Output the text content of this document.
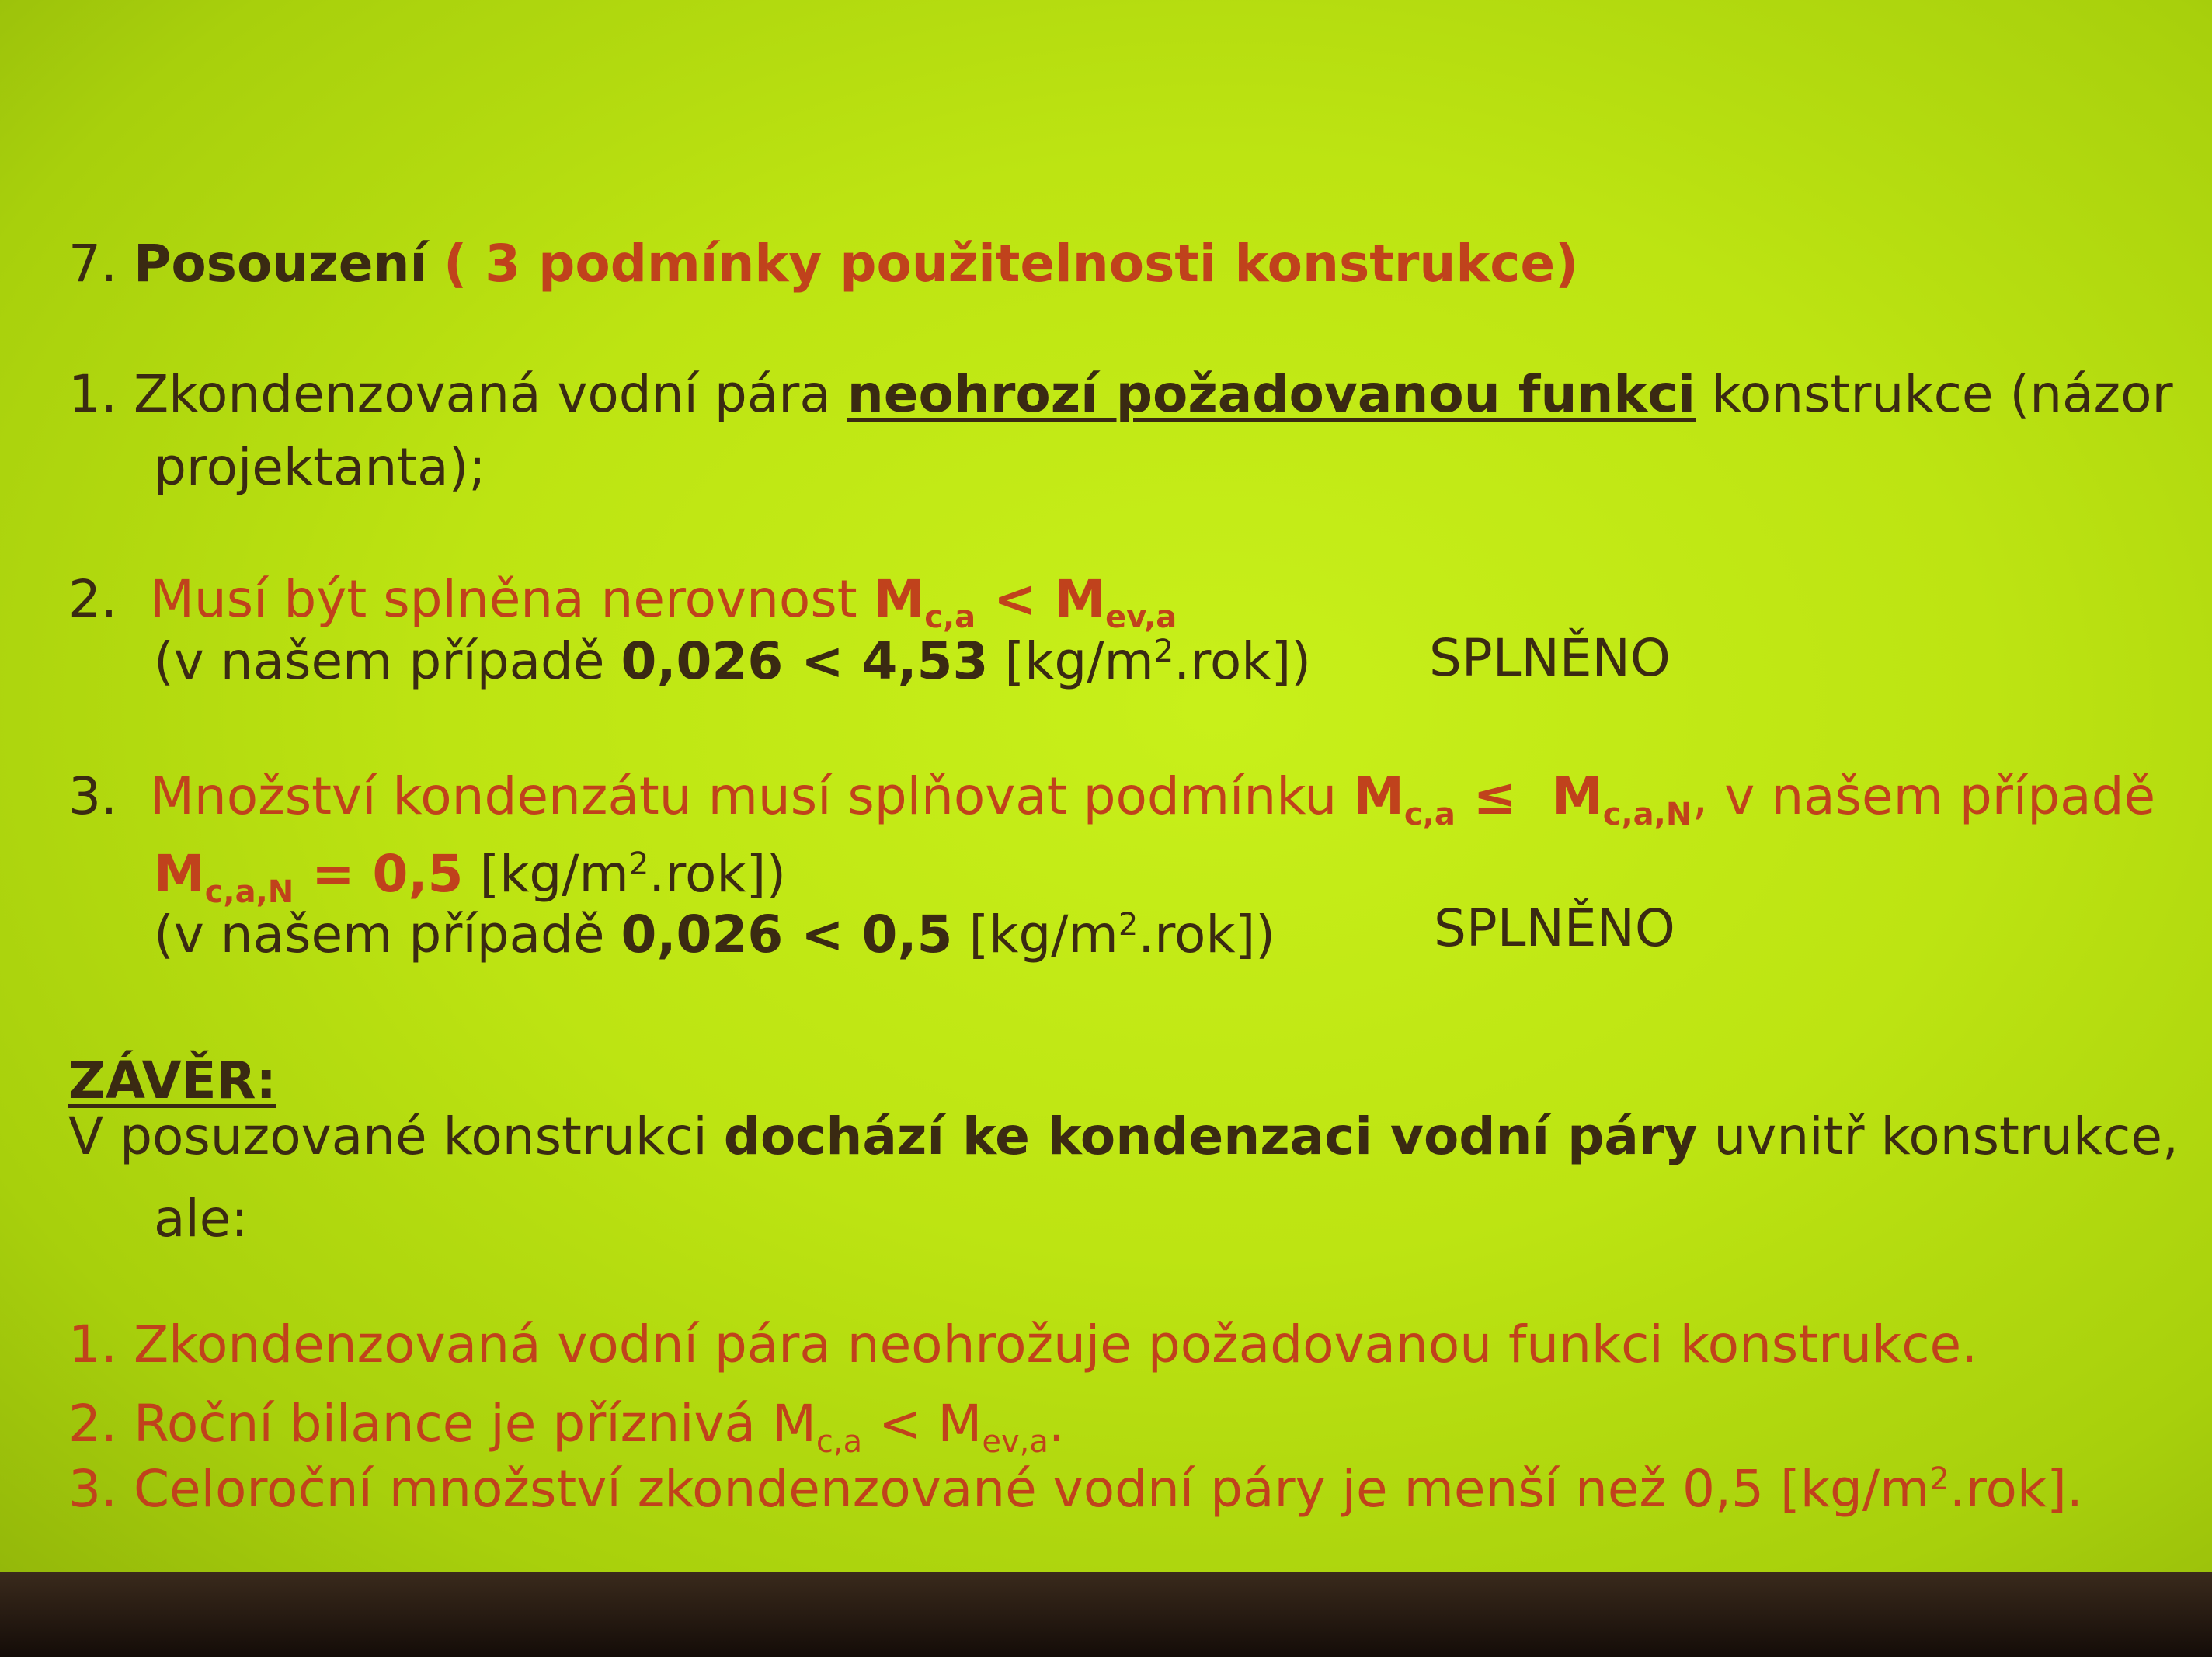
7. Posouzení ( 3 podmínky použitelnosti konstrukce)
1. Zkondenzovaná vodní pára neohrozí požadovanou funkci konstrukce (názor
projektanta);
2. Musí být splněna nerovnost $M_{c,a} < M_{ev,a}$
(v našem případě 0,026 < 4,53 $[kg/m^2.rok]$) SPLNĚNO
3. Množství kondenzátu musí splňovat podmínku $M_{c,a} \le M_{c,a,N}$, v našem případě
$M_{c,a,N} = 0,5$ $[kg/m^2.rok]$)
(v našem případě 0,026 < 0,5 $[kg/m^2.rok]$)	SPLNĚNO
ZÁVĚR:
V posuzované konstrukci dochází ke kondenzaci vodní páry uvnitř konstrukce,
ale:
1. Zkondenzovaná vodní pára neohrožuje požadovanou funkci konstrukce.
2. Roční bilance je příznivá $M_{c,a} < M_{ev,a}$.
3. Celoroční množství zkondenzované vodní páry je menší než 0,5 $[kg/m^2.rok]$.
